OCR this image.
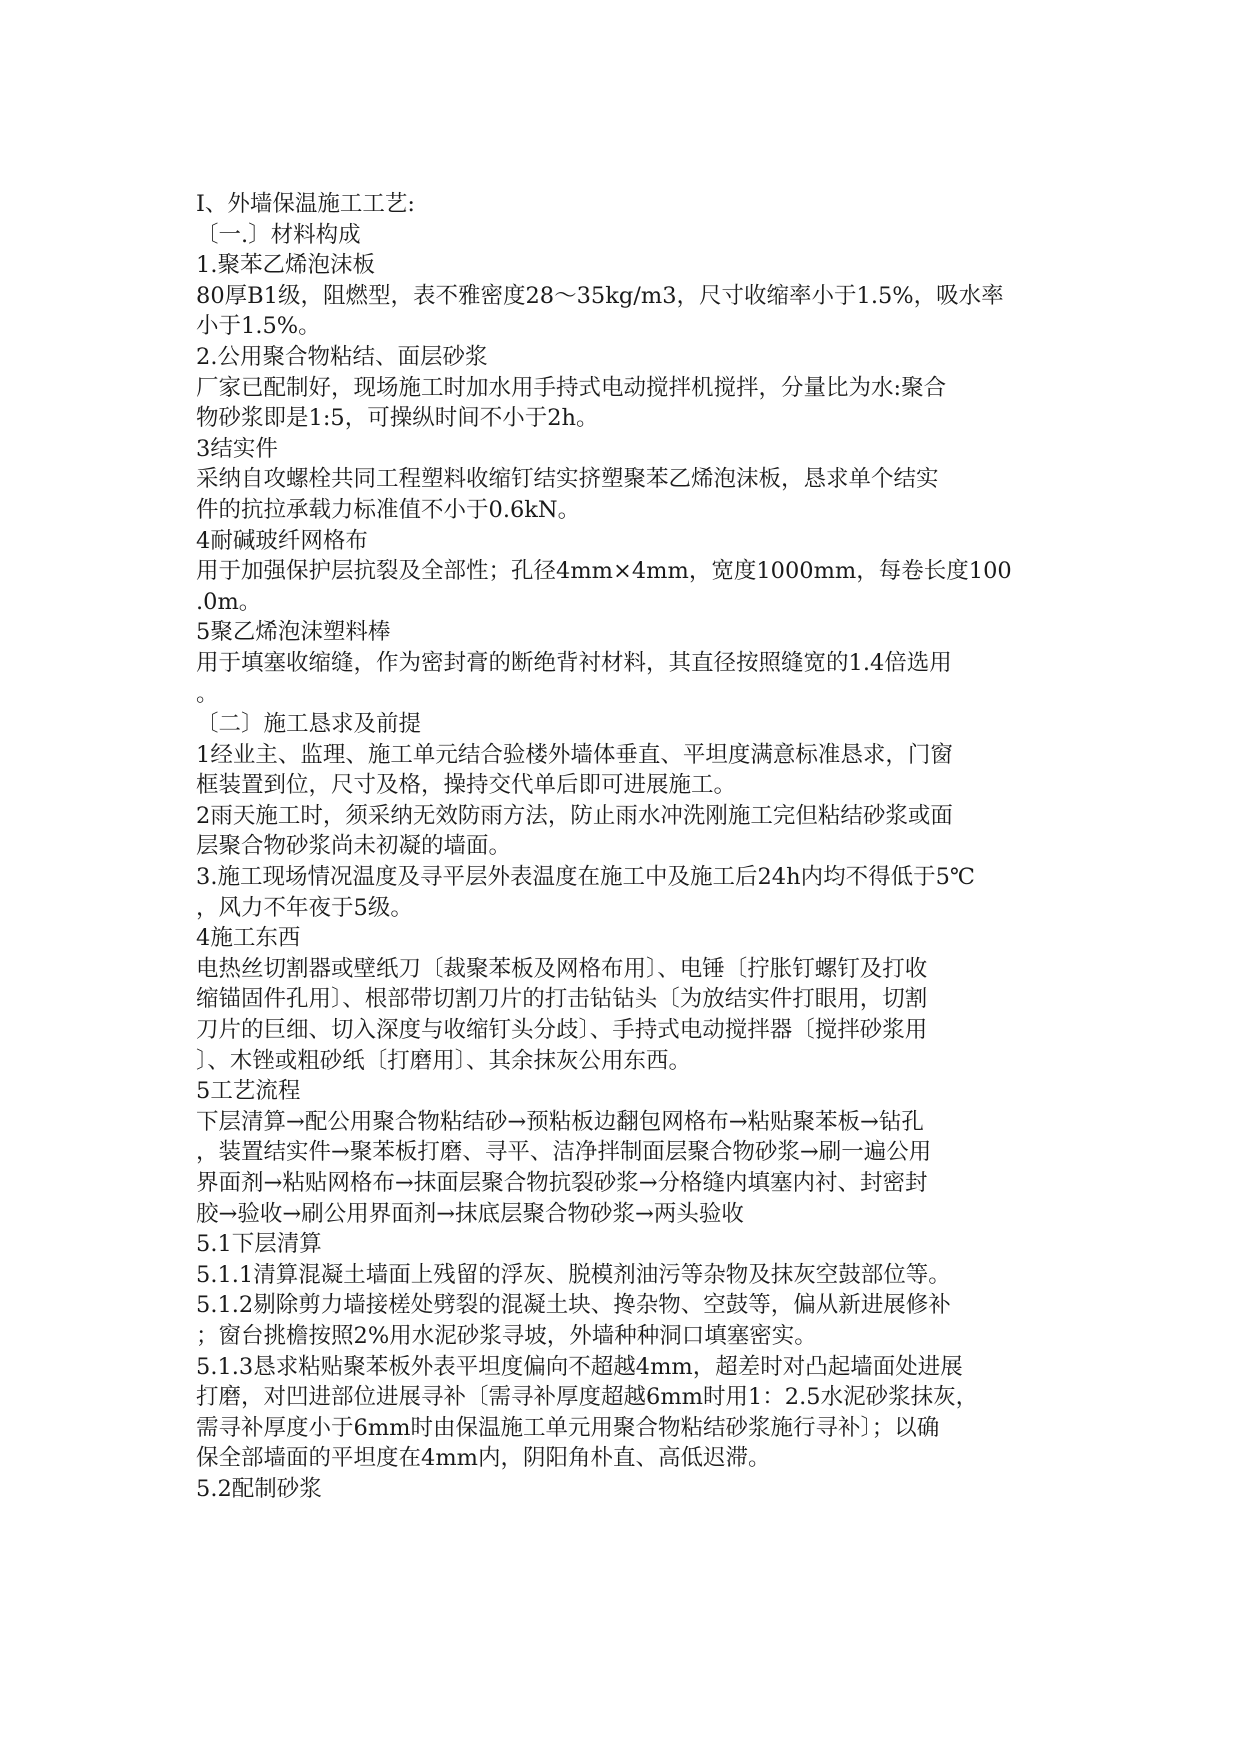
Ⅰ、外墙保温施工工艺:

〔一.〕材料构成

1.聚苯乙烯泡沫板

80厚B1级，阻燃型，表不雅密度28～35kg/m3，尺寸收缩率小于1.5%，吸水率

小于1.5%。

2.公用聚合物粘结、面层砂浆

厂家已配制好，现场施工时加水用手持式电动搅拌机搅拌，分量比为水:聚合

物砂浆即是1:5，可操纵时间不小于2h。

3结实件

采纳自攻螺栓共同工程塑料收缩钉结实挤塑聚苯乙烯泡沫板，恳求单个结实

件的抗拉承载力标准值不小于0.6kN。

4耐碱玻纤网格布

用于加强保护层抗裂及全部性；孔径4mm×4mm，宽度1000mm，每卷长度100

.0m。

5聚乙烯泡沫塑料棒

用于填塞收缩缝，作为密封膏的断绝背衬材料，其直径按照缝宽的1.4倍选用

。

〔二〕施工恳求及前提

1经业主、监理、施工单元结合验楼外墙体垂直、平坦度满意标准恳求，门窗

框装置到位，尺寸及格，操持交代单后即可进展施工。

2雨天施工时，须采纳无效防雨方法，防止雨水冲洗刚施工完但粘结砂浆或面

层聚合物砂浆尚未初凝的墙面。

3.施工现场情况温度及寻平层外表温度在施工中及施工后24h内均不得低于5℃

，风力不年夜于5级。

4施工东西

电热丝切割器或壁纸刀〔裁聚苯板及网格布用〕、电锤〔拧胀钉螺钉及打收

缩锚固件孔用〕、根部带切割刀片的打击钻钻头〔为放结实件打眼用，切割

刀片的巨细、切入深度与收缩钉头分歧〕、手持式电动搅拌器〔搅拌砂浆用

〕、木锉或粗砂纸〔打磨用〕、其余抹灰公用东西。

5工艺流程

下层清算→配公用聚合物粘结砂→预粘板边翻包网格布→粘贴聚苯板→钻孔

，装置结实件→聚苯板打磨、寻平、洁净拌制面层聚合物砂浆→刷一遍公用

界面剂→粘贴网格布→抹面层聚合物抗裂砂浆→分格缝内填塞内衬、封密封

胶→验收→刷公用界面剂→抹底层聚合物砂浆→两头验收

5.1下层清算

5.1.1清算混凝土墙面上残留的浮灰、脱模剂油污等杂物及抹灰空鼓部位等。

5.1.2剔除剪力墙接槎处劈裂的混凝土块、搀杂物、空鼓等，偏从新进展修补

；窗台挑檐按照2%用水泥砂浆寻坡，外墙种种洞口填塞密实。

5.1.3恳求粘贴聚苯板外表平坦度偏向不超越4mm，超差时对凸起墙面处进展

打磨，对凹进部位进展寻补〔需寻补厚度超越6mm时用1：2.5水泥砂浆抹灰，

需寻补厚度小于6mm时由保温施工单元用聚合物粘结砂浆施行寻补〕；以确

保全部墙面的平坦度在4mm内，阴阳角朴直、高低迟滞。

5.2配制砂浆
